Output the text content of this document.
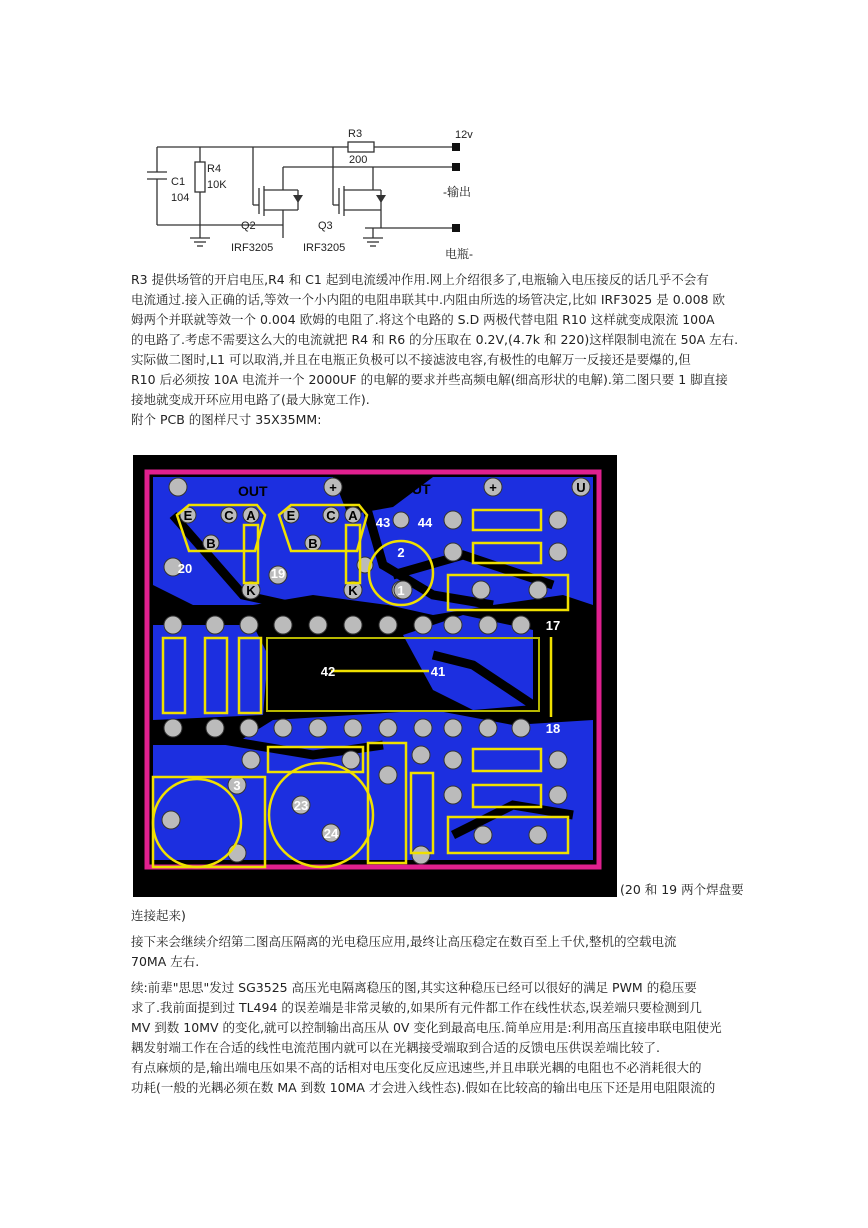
R3
200
R4
10K
C1
104
Q2	Q3
IRF3205	IRF3205
12v
-输出
电瓶-
R3 提供场管的开启电压,R4 和 C1 起到电流缓冲作用.网上介绍很多了,电瓶输入电压接反的话几乎不会有
电流通过.接入正确的话,等效一个小内阻的电阻串联其中.内阻由所选的场管决定,比如 IRF3025 是 0.008 欧
姆两个并联就等效一个 0.004 欧姆的电阻了.将这个电路的 S.D 两极代替电阻 R10 这样就变成限流 100A
的电路了.考虑不需要这么大的电流就把 R4 和 R6 的分压取在 0.2V,(4.7k 和 220)这样限制电流在 50A 左右.
实际做二图时,L1 可以取消,并且在电瓶正负极可以不接滤波电容,有极性的电解万一反接还是要爆的,但
R10 后必须按 10A 电流并一个 2000UF 的电解的要求并些高频电解(细高形状的电解).第二图只要 1 脚直接
接地就变成开环应用电路了(最大脉宽工作).
附个 PCB 的图样尺寸 35X35MM:
OUT	OUT
+	+	U
E C A
B
E C A
B
K	K
20	19
43 44
42	41
17
18
3
23
24
1
2
(20 和 19 两个焊盘要
连接起来)
接下来会继续介绍第二图高压隔离的光电稳压应用,最终让高压稳定在数百至上千伏,整机的空载电流
70MA 左右.
续:前辈"思思"发过 SG3525 高压光电隔离稳压的图,其实这种稳压已经可以很好的满足 PWM 的稳压要
求了.我前面提到过 TL494 的误差端是非常灵敏的,如果所有元件都工作在线性状态,误差端只要检测到几
MV 到数 10MV 的变化,就可以控制输出高压从 0V 变化到最高电压.简单应用是:利用高压直接串联电阻使光
耦发射端工作在合适的线性电流范围内就可以在光耦接受端取到合适的反馈电压供误差端比较了.
有点麻烦的是,输出端电压如果不高的话相对电压变化反应迅速些,并且串联光耦的电阻也不必消耗很大的
功耗(一般的光耦必须在数 MA 到数 10MA 才会进入线性态).假如在比较高的输出电压下还是用电阻限流的
